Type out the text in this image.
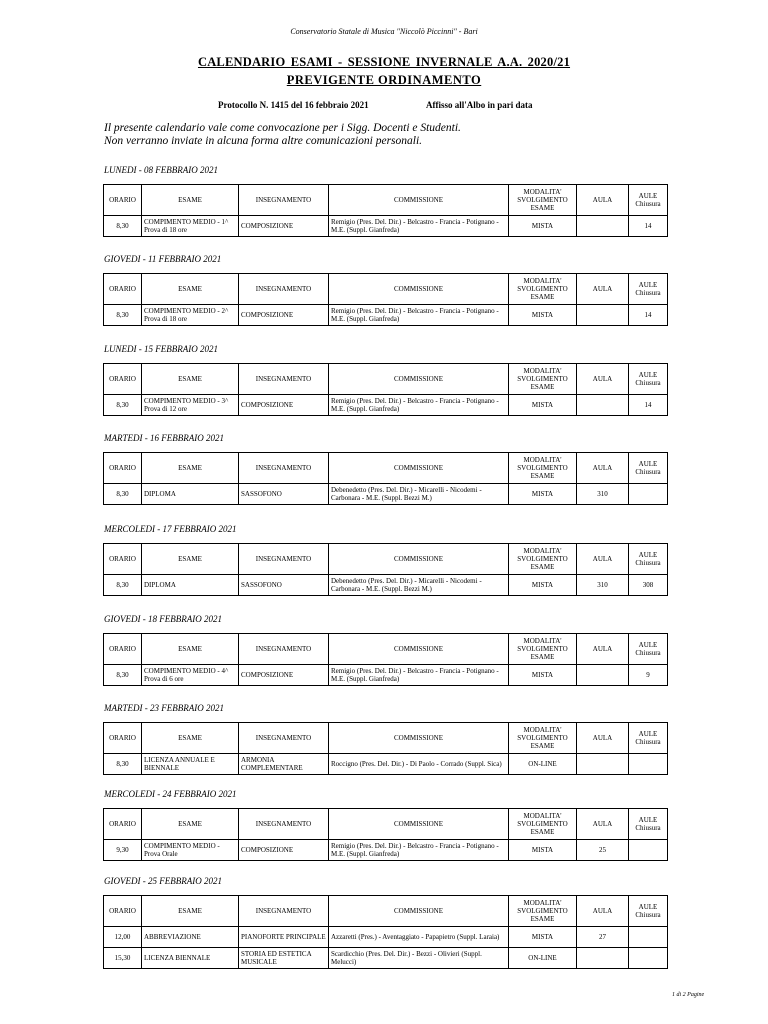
Conservatorio Statale di Musica "Niccolò Piccinni" - Bari
CALENDARIO ESAMI - SESSIONE INVERNALE A.A. 2020/21
PREVIGENTE ORDINAMENTO
Protocollo N. 1415 del 16 febbraio 2021	Affisso all'Albo in pari data
Il presente calendario vale come convocazione per i Sigg. Docenti e Studenti.
Non verranno inviate in alcuna forma altre comunicazioni personali.
LUNEDI - 08 FEBBRAIO 2021
ORARIO	ESAME	INSEGNAMENTO	COMMISSIONE	MODALITA' SVOLGIMENTO ESAME	AULA	AULE Chiusura
8,30	COMPIMENTO MEDIO - 1^ Prova di 18 ore	COMPOSIZIONE	Remigio (Pres. Del. Dir.) - Belcastro - Francia - Potignano - M.E. (Suppl. Gianfreda)	MISTA		14
GIOVEDI - 11 FEBBRAIO 2021
ORARIO	ESAME	INSEGNAMENTO	COMMISSIONE	MODALITA' SVOLGIMENTO ESAME	AULA	AULE Chiusura
8,30	COMPIMENTO MEDIO - 2^ Prova di 18 ore	COMPOSIZIONE	Remigio (Pres. Del. Dir.) - Belcastro - Francia - Potignano - M.E. (Suppl. Gianfreda)	MISTA		14
LUNEDI - 15 FEBBRAIO 2021
ORARIO	ESAME	INSEGNAMENTO	COMMISSIONE	MODALITA' SVOLGIMENTO ESAME	AULA	AULE Chiusura
8,30	COMPIMENTO MEDIO - 3^ Prova di 12 ore	COMPOSIZIONE	Remigio (Pres. Del. Dir.) - Belcastro - Francia - Potignano - M.E. (Suppl. Gianfreda)	MISTA		14
MARTEDI - 16 FEBBRAIO 2021
ORARIO	ESAME	INSEGNAMENTO	COMMISSIONE	MODALITA' SVOLGIMENTO ESAME	AULA	AULE Chiusura
8,30	DIPLOMA	SASSOFONO	Debenedetto (Pres. Del. Dir.) - Micarelli - Nicodemi - Carbonara - M.E. (Suppl. Bezzi M.)	MISTA	310	
MERCOLEDI - 17 FEBBRAIO 2021
ORARIO	ESAME	INSEGNAMENTO	COMMISSIONE	MODALITA' SVOLGIMENTO ESAME	AULA	AULE Chiusura
8,30	DIPLOMA	SASSOFONO	Debenedetto (Pres. Del. Dir.) - Micarelli - Nicodemi - Carbonara - M.E. (Suppl. Bezzi M.)	MISTA	310	308
GIOVEDI - 18 FEBBRAIO 2021
ORARIO	ESAME	INSEGNAMENTO	COMMISSIONE	MODALITA' SVOLGIMENTO ESAME	AULA	AULE Chiusura
8,30	COMPIMENTO MEDIO - 4^ Prova di 6 ore	COMPOSIZIONE	Remigio (Pres. Del. Dir.) - Belcastro - Francia - Potignano - M.E. (Suppl. Gianfreda)	MISTA		9
MARTEDI - 23 FEBBRAIO 2021
ORARIO	ESAME	INSEGNAMENTO	COMMISSIONE	MODALITA' SVOLGIMENTO ESAME	AULA	AULE Chiusura
8,30	LICENZA ANNUALE E BIENNALE	ARMONIA COMPLEMENTARE	Roccigno (Pres. Del. Dir.) - Di Paolo - Corrado (Suppl. Sica)	ON-LINE		
MERCOLEDI - 24 FEBBRAIO 2021
ORARIO	ESAME	INSEGNAMENTO	COMMISSIONE	MODALITA' SVOLGIMENTO ESAME	AULA	AULE Chiusura
9,30	COMPIMENTO MEDIO - Prova Orale	COMPOSIZIONE	Remigio (Pres. Del. Dir.) - Belcastro - Francia - Potignano - M.E. (Suppl. Gianfreda)	MISTA	25	
GIOVEDI - 25 FEBBRAIO 2021
ORARIO	ESAME	INSEGNAMENTO	COMMISSIONE	MODALITA' SVOLGIMENTO ESAME	AULA	AULE Chiusura
12,00	ABBREVIAZIONE	PIANOFORTE PRINCIPALE	Azzaretti (Pres.) - Aventaggiato - Papapietro (Suppl. Laraia)	MISTA	27	
15,30	LICENZA BIENNALE	STORIA ED ESTETICA MUSICALE	Scardicchio (Pres. Del. Dir.) - Bezzi - Olivieri (Suppl. Melucci)	ON-LINE		
1 di 2 Pagine
